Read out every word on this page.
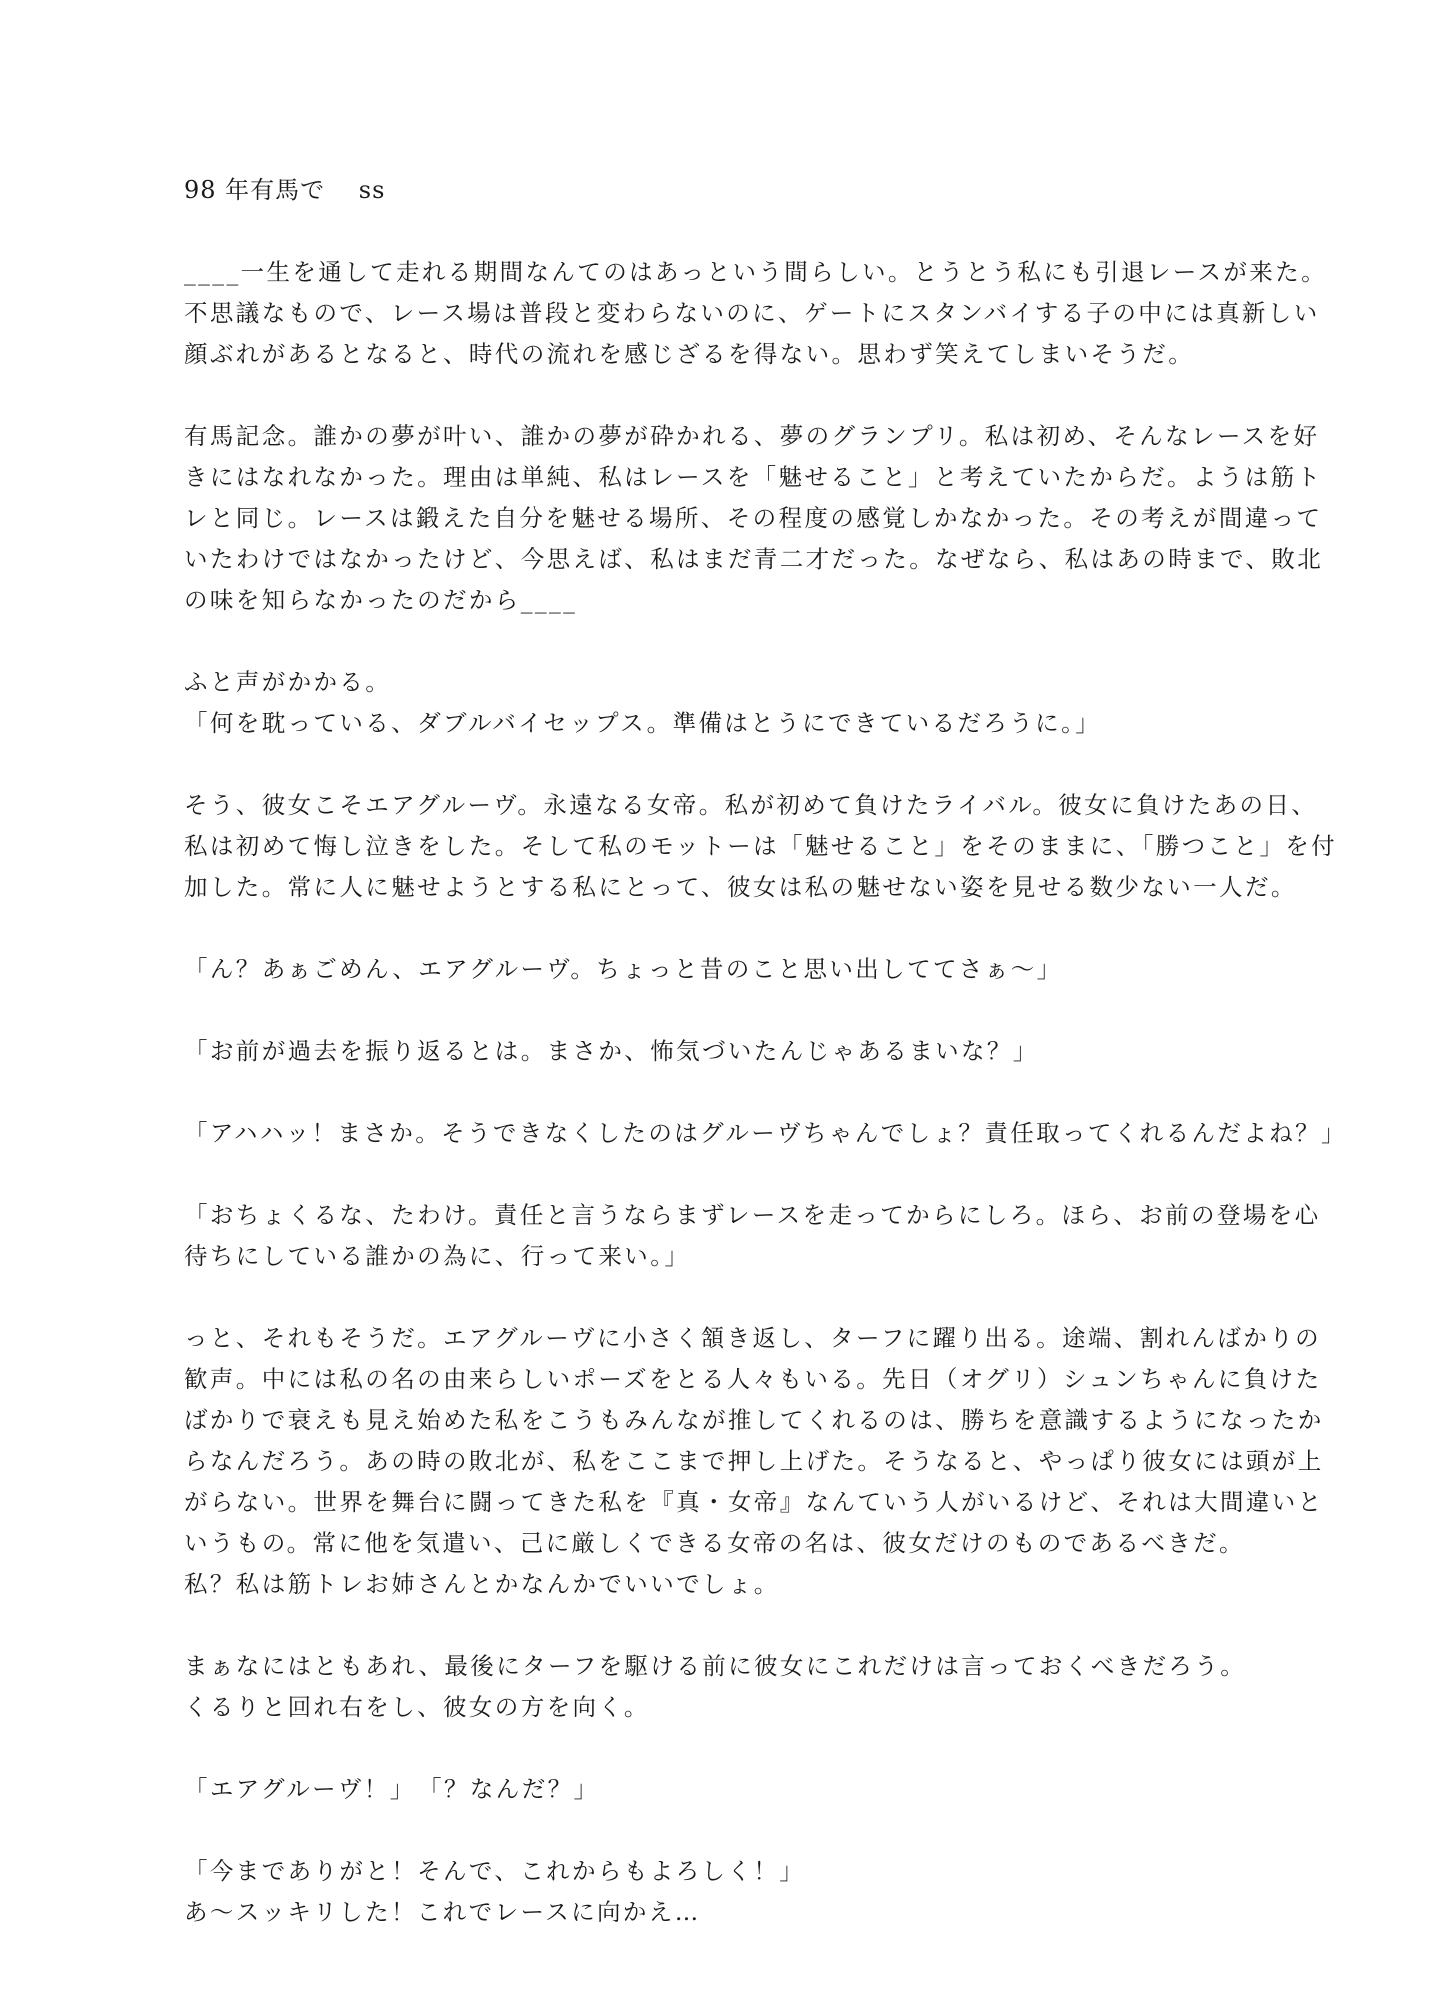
98 年有馬で　 ss
____一生を通して走れる期間なんてのはあっという間らしい。とうとう私にも引退レースが来た。
不思議なもので、レース場は普段と変わらないのに、ゲートにスタンバイする子の中には真新しい
顔ぶれがあるとなると、時代の流れを感じざるを得ない。思わず笑えてしまいそうだ。
有馬記念。誰かの夢が叶い、誰かの夢が砕かれる、夢のグランプリ。私は初め、そんなレースを好
きにはなれなかった。理由は単純、私はレースを「魅せること」と考えていたからだ。ようは筋ト
レと同じ。レースは鍛えた自分を魅せる場所、その程度の感覚しかなかった。その考えが間違って
いたわけではなかったけど、今思えば、私はまだ青二才だった。なぜなら、私はあの時まで、敗北
の味を知らなかったのだから____
ふと声がかかる。
「何を耽っている、ダブルバイセップス。準備はとうにできているだろうに。」
そう、彼女こそエアグルーヴ。永遠なる女帝。私が初めて負けたライバル。彼女に負けたあの日、
私は初めて悔し泣きをした。そして私のモットーは「魅せること」をそのままに、「勝つこと」を付
加した。常に人に魅せようとする私にとって、彼女は私の魅せない姿を見せる数少ない一人だ。
「ん？あぁごめん、エアグルーヴ。ちょっと昔のこと思い出しててさぁ～」
「お前が過去を振り返るとは。まさか、怖気づいたんじゃあるまいな？」
「アハハッ！まさか。そうできなくしたのはグルーヴちゃんでしょ？責任取ってくれるんだよね？」
「おちょくるな、たわけ。責任と言うならまずレースを走ってからにしろ。ほら、お前の登場を心
待ちにしている誰かの為に、行って来い。」
っと、それもそうだ。エアグルーヴに小さく頷き返し、ターフに躍り出る。途端、割れんばかりの
歓声。中には私の名の由来らしいポーズをとる人々もいる。先日（オグリ）シュンちゃんに負けた
ばかりで衰えも見え始めた私をこうもみんなが推してくれるのは、勝ちを意識するようになったか
らなんだろう。あの時の敗北が、私をここまで押し上げた。そうなると、やっぱり彼女には頭が上
がらない。世界を舞台に闘ってきた私を『真・女帝』なんていう人がいるけど、それは大間違いと
いうもの。常に他を気遣い、己に厳しくできる女帝の名は、彼女だけのものであるべきだ。
私？私は筋トレお姉さんとかなんかでいいでしょ。
まぁなにはともあれ、最後にターフを駆ける前に彼女にこれだけは言っておくべきだろう。
くるりと回れ右をし、彼女の方を向く。
「エアグルーヴ！」　「？なんだ？」
「今までありがと！そんで、これからもよろしく！」
あ～スッキリした！これでレースに向かえ…
